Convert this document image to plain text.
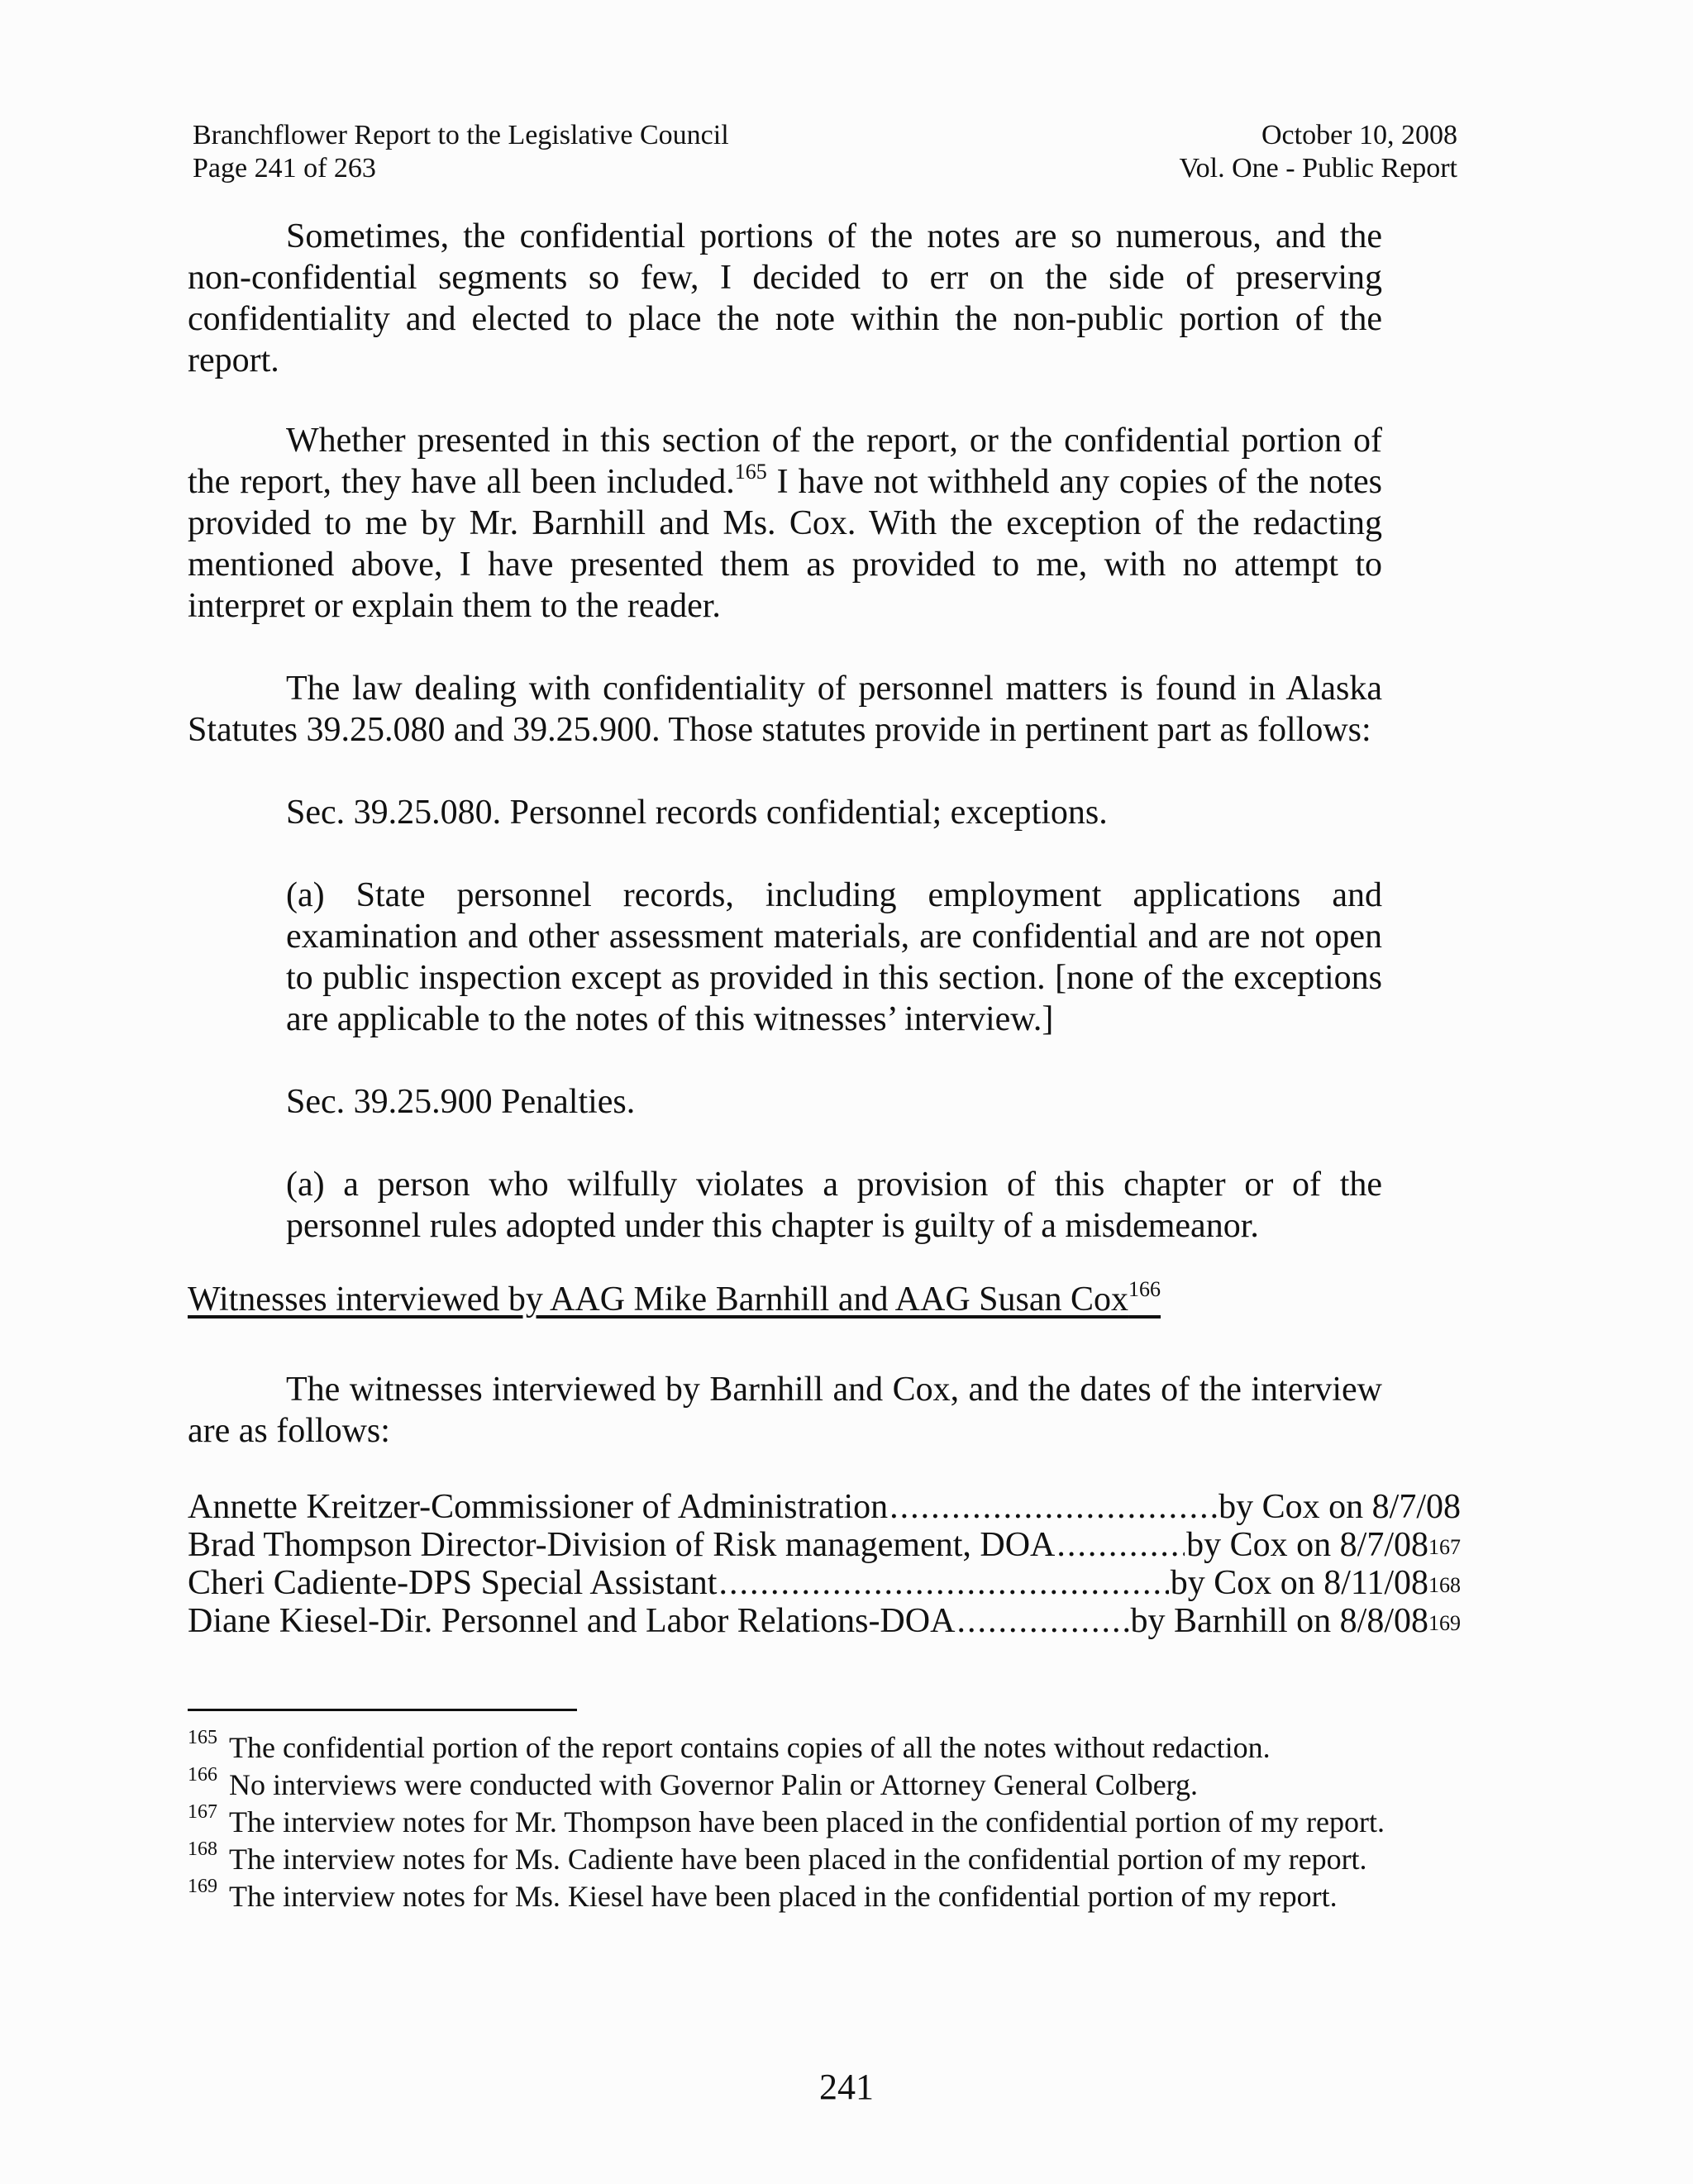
Branchflower Report to the Legislative Council
Page 241 of 263
October 10, 2008
Vol. One - Public Report

Sometimes, the confidential portions of the notes are so numerous, and the non-confidential segments so few, I decided to err on the side of preserving confidentiality and elected to place the note within the non-public portion of the report.

Whether presented in this section of the report, or the confidential portion of the report, they have all been included.$^{165}$ I have not withheld any copies of the notes provided to me by Mr. Barnhill and Ms. Cox. With the exception of the redacting mentioned above, I have presented them as provided to me, with no attempt to interpret or explain them to the reader.

The law dealing with confidentiality of personnel matters is found in Alaska Statutes 39.25.080 and 39.25.900. Those statutes provide in pertinent part as follows:

Sec. 39.25.080. Personnel records confidential; exceptions.

(a) State personnel records, including employment applications and examination and other assessment materials, are confidential and are not open to public inspection except as provided in this section. [none of the exceptions are applicable to the notes of this witnesses’ interview.]

Sec. 39.25.900 Penalties.

(a) a person who wilfully violates a provision of this chapter or of the personnel rules adopted under this chapter is guilty of a misdemeanor.

Witnesses interviewed by AAG Mike Barnhill and AAG Susan Cox$^{166}$

The witnesses interviewed by Barnhill and Cox, and the dates of the interview are as follows:

Annette Kreitzer-Commissioner of Administration .....	by Cox on 8/7/08
Brad Thompson Director-Division of Risk management, DOA .....	by Cox on $8/7/08^{167}$
Cheri Cadiente-DPS Special Assistant .....	by Cox on $8/11/08^{168}$
Diane Kiesel-Dir. Personnel and Labor Relations-DOA .....	by Barnhill on $8/8/08^{169}$
165 The confidential portion of the report contains copies of all the notes without redaction.
166 No interviews were conducted with Governor Palin or Attorney General Colberg.
167 The interview notes for Mr. Thompson have been placed in the confidential portion of my report.
168 The interview notes for Ms. Cadiente have been placed in the confidential portion of my report.
169 The interview notes for Ms. Kiesel have been placed in the confidential portion of my report.
241
